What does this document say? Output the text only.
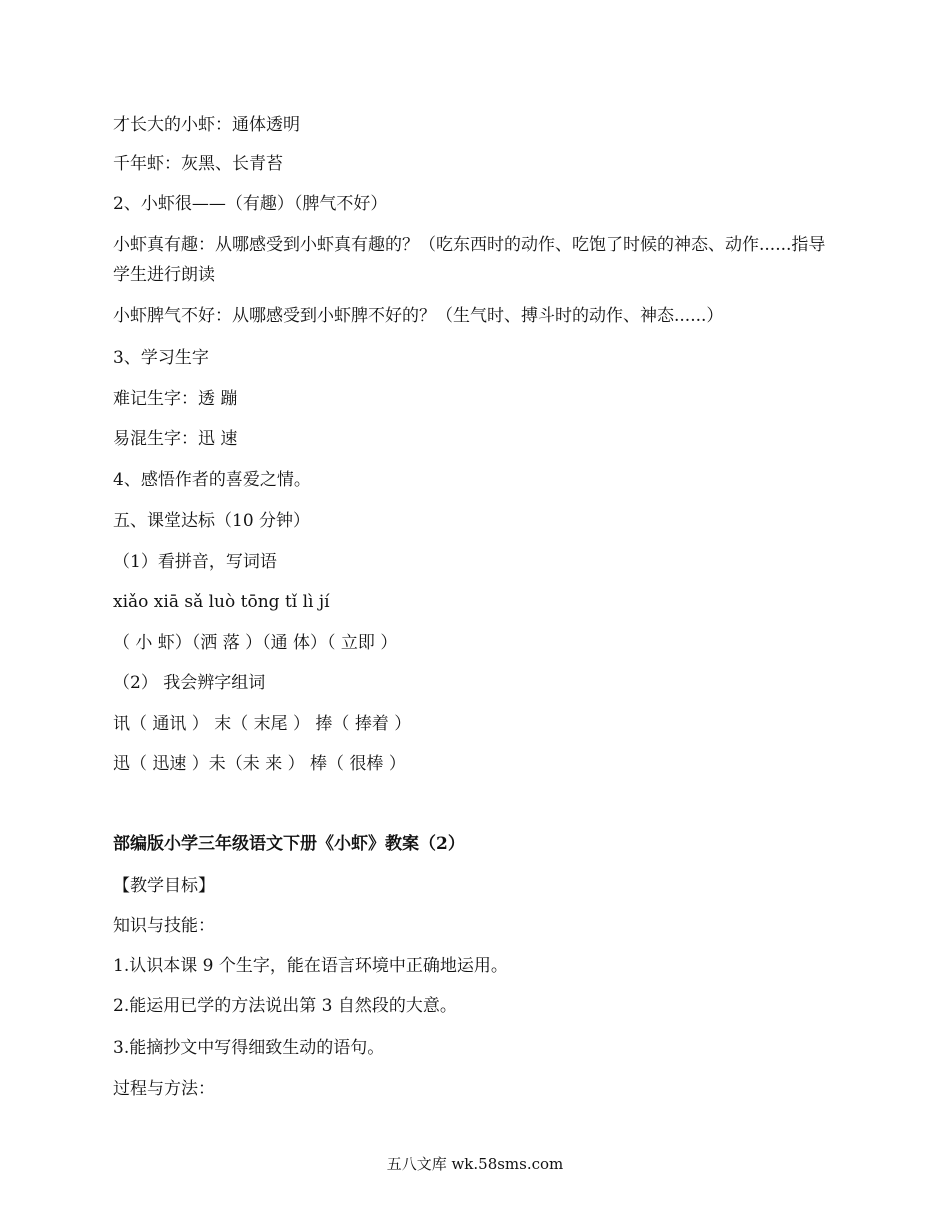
才长大的小虾：通体透明
千年虾：灰黑、长青苔
2、小虾很——（有趣）（脾气不好）
小虾真有趣：从哪感受到小虾真有趣的？（吃东西时的动作、吃饱了时候的神态、动作......指导学生进行朗读
小虾脾气不好：从哪感受到小虾脾不好的？（生气时、搏斗时的动作、神态......）
3、学习生字
难记生字：透 蹦
易混生字：迅 速
4、感悟作者的喜爱之情。
五、课堂达标（10 分钟）
（1）看拼音，写词语
xiǎo xiā sǎ luò tōng tǐ lì jí
（ 小 虾）（洒 落 ）（通 体）（ 立即 ）
（2） 我会辨字组词
讯（ 通讯 ） 末（ 末尾 ） 捧（ 捧着 ）
迅（ 迅速 ）未（未 来 ） 棒（ 很棒 ）
部编版小学三年级语文下册《小虾》教案（2）
【教学目标】
知识与技能：
1.认识本课 9 个生字，能在语言环境中正确地运用。
2.能运用已学的方法说出第 3 自然段的大意。
3.能摘抄文中写得细致生动的语句。
过程与方法：
五八文库 wk.58sms.com
